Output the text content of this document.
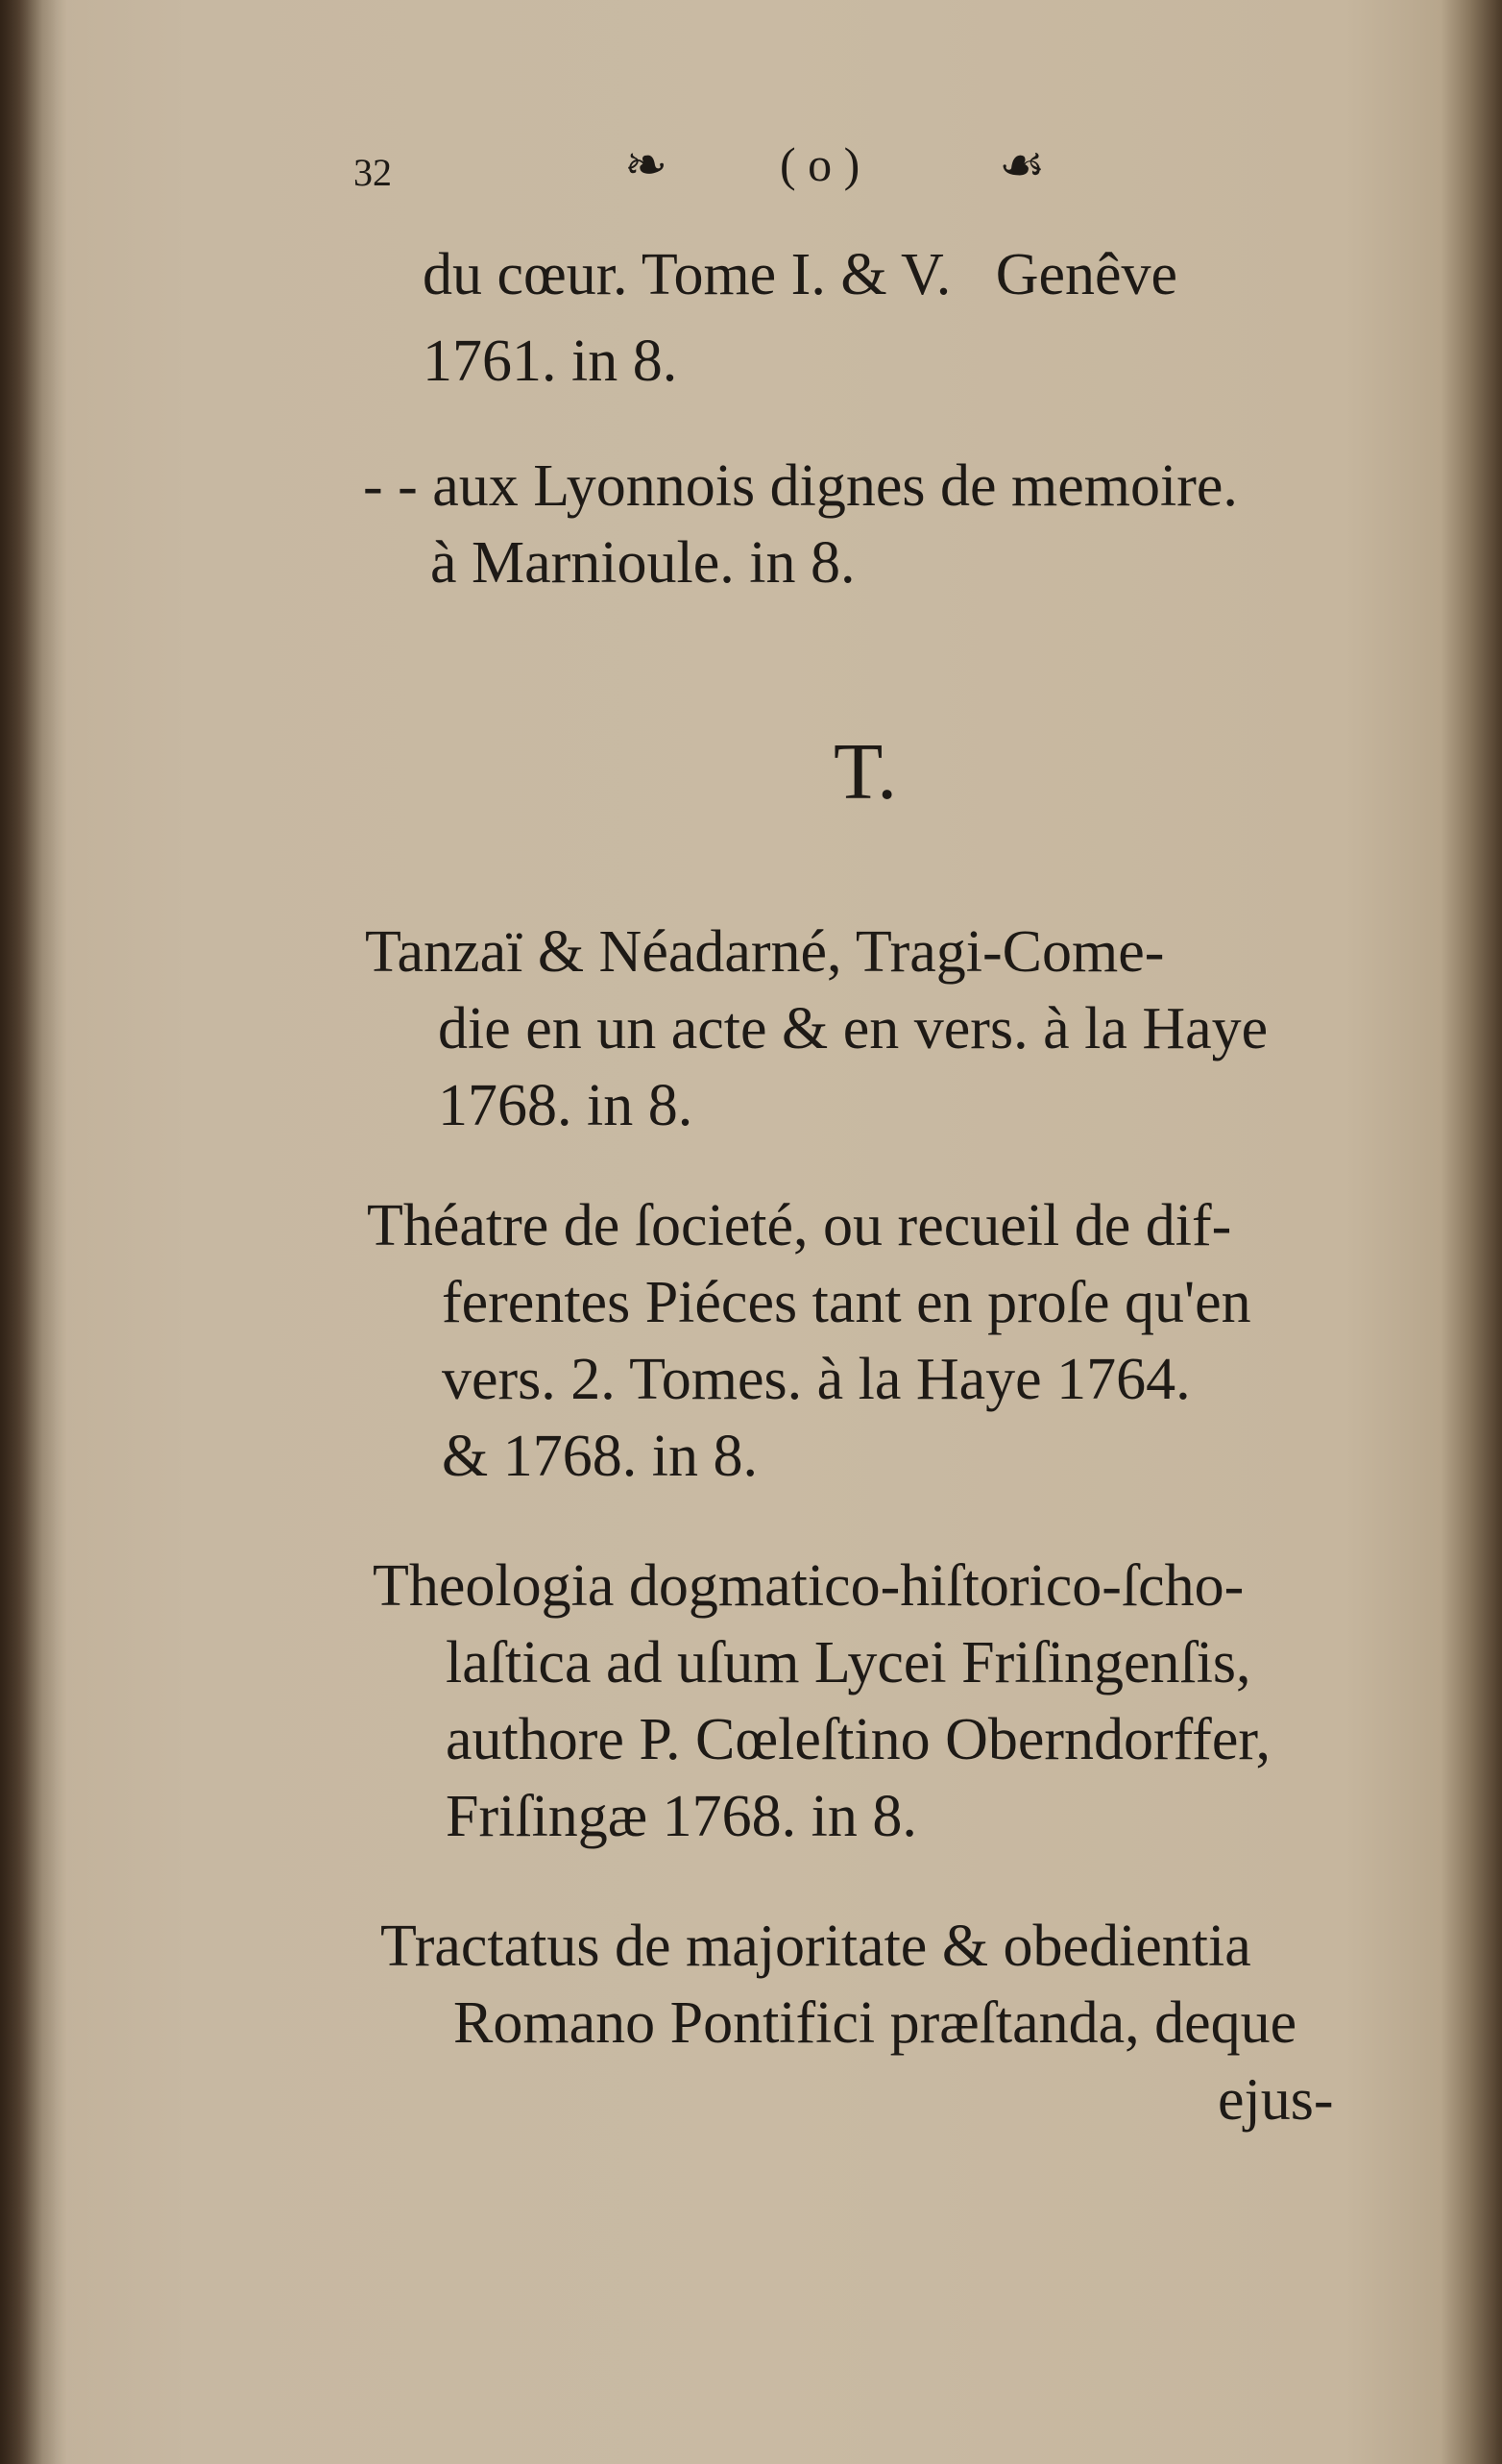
32	❧ ( o )	☙
du cœur. Tome I. & V.   Genêve
1761. in 8.
- - aux Lyonnois dignes de memoire.
à Marnioule. in 8.
T.
Tanzaï & Néadarné, Tragi-Come-
die en un acte & en vers. à la Haye
1768. in 8.
Théatre de ſocieté, ou recueil de dif-
ferentes Piéces tant en proſe qu'en
vers. 2. Tomes. à la Haye 1764.
& 1768. in 8.
Theologia dogmatico-hiſtorico-ſcho-
laſtica ad uſum Lycei Friſingenſis,
authore P. Cœleſtino Oberndorffer,
Friſingæ 1768. in 8.
Tractatus de majoritate & obedientia
Romano Pontifici præſtanda, deque
ejus-
